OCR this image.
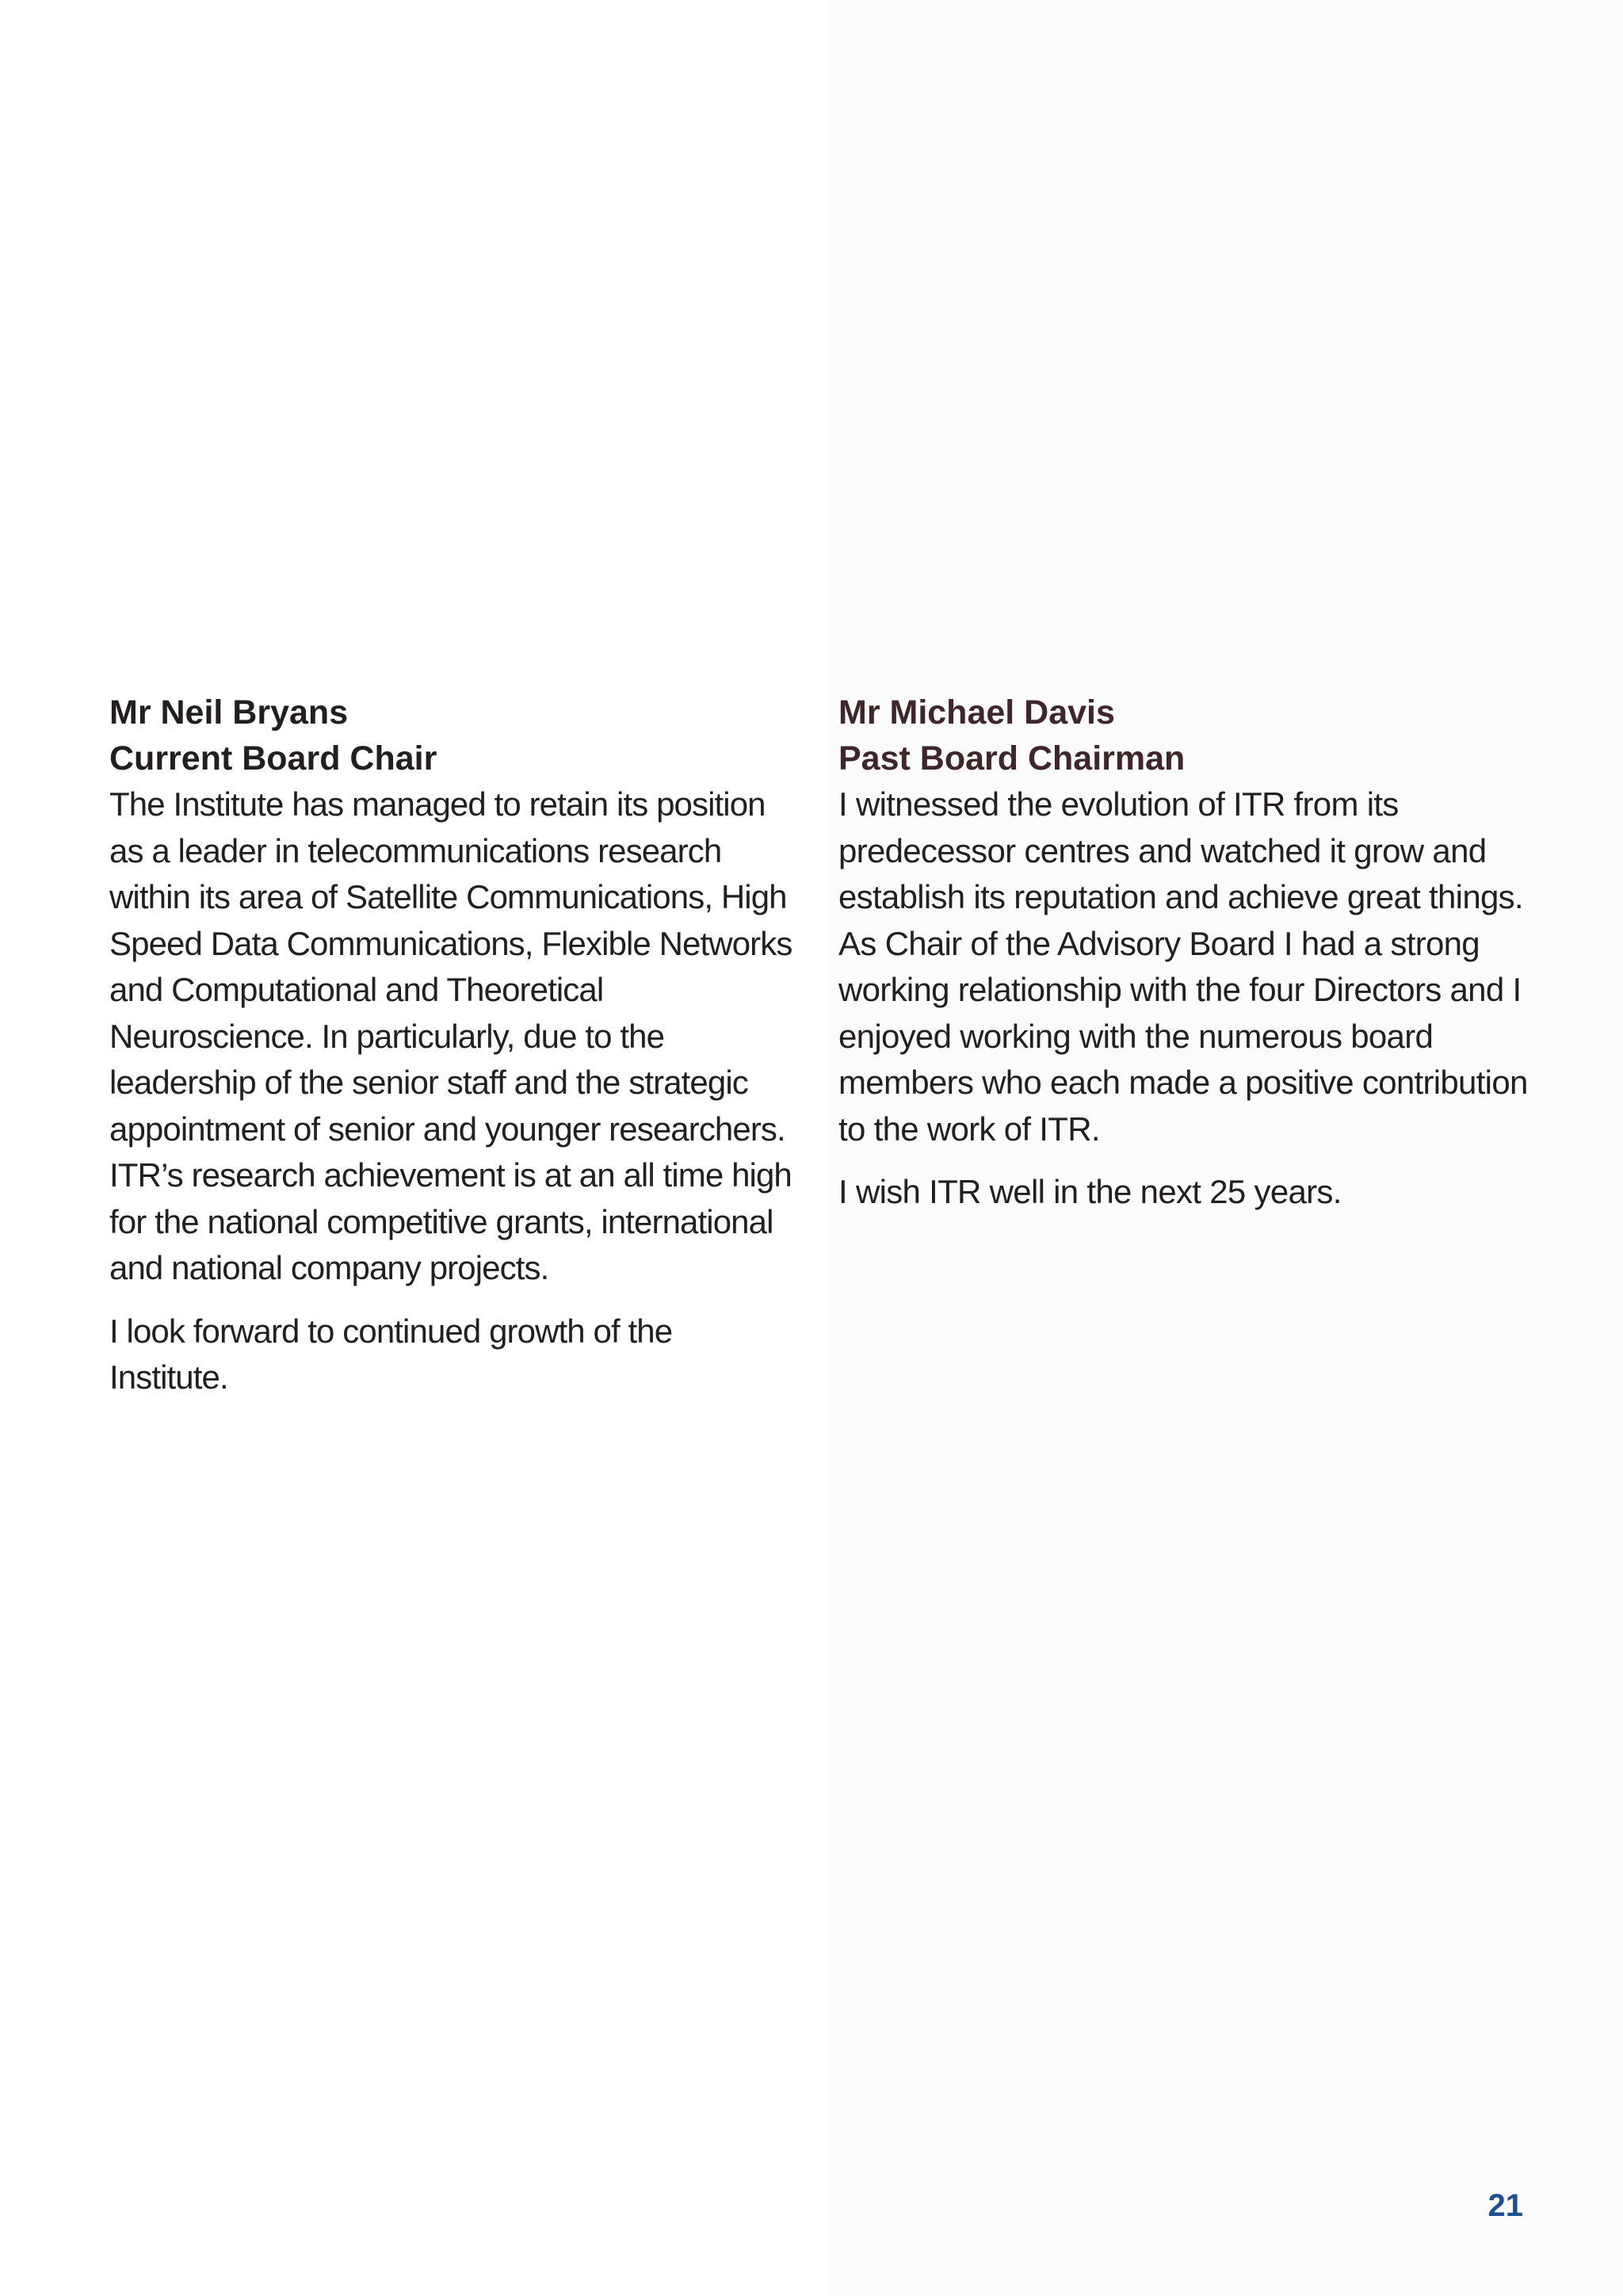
Mr Neil Bryans
Current Board Chair

The Institute has managed to retain its position as a leader in telecommunications research within its area of Satellite Communications, High Speed Data Communications, Flexible Networks and Computational and Theoretical Neuroscience. In particularly, due to the leadership of the senior staff and the strategic appointment of senior and younger researchers. ITR’s research achievement is at an all time high for the national competitive grants, international and national company projects.

I look forward to continued growth of the Institute.

Mr Michael Davis
Past Board Chairman

I witnessed the evolution of ITR from its predecessor centres and watched it grow and establish its reputation and achieve great things. As Chair of the Advisory Board I had a strong working relationship with the four Directors and I enjoyed working with the numerous board members who each made a positive contribution to the work of ITR.

I wish ITR well in the next 25 years.

21
